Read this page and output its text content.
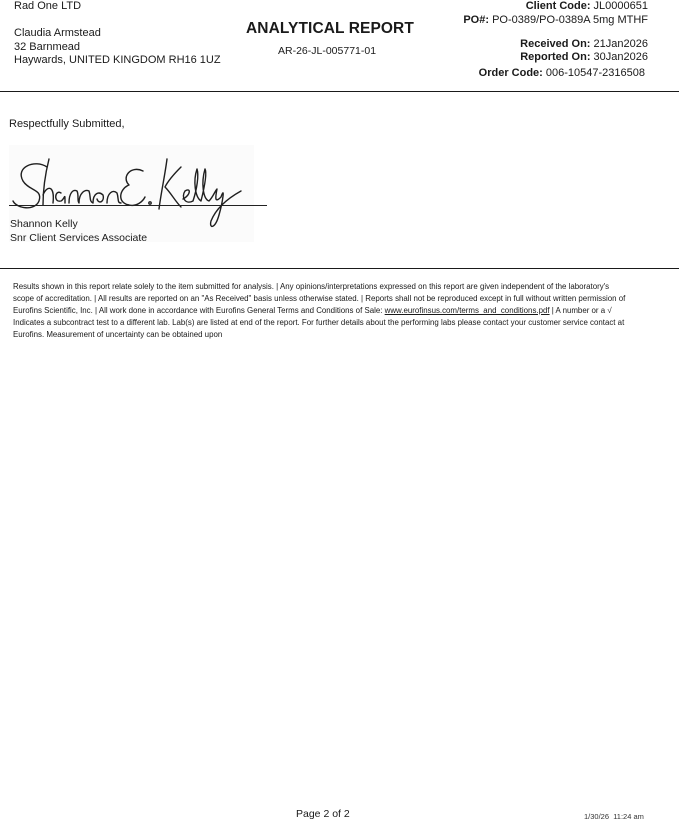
Rad One LTD
Claudia Armstead
32 Barnmead
Haywards, UNITED KINGDOM RH16 1UZ
ANALYTICAL REPORT
AR-26-JL-005771-01
Client Code: JL0000651
PO#: PO-0389/PO-0389A 5mg MTHF
Received On: 21Jan2026
Reported On: 30Jan2026
Order Code: 006-10547-2316508
Respectfully Submitted,
Shannon Kelly
Snr Client Services Associate
Results shown in this report relate solely to the item submitted for analysis. | Any opinions/interpretations expressed on this report are given independent of the laboratory's scope of accreditation. | All results are reported on an "As Received" basis unless otherwise stated. | Reports shall not be reproduced except in full without written permission of Eurofins Scientific, Inc. | All work done in accordance with Eurofins General Terms and Conditions of Sale: www.eurofinsus.com/terms_and_conditions.pdf | A number or a √ Indicates a subcontract test to a different lab. Lab(s) are listed at end of the report. For further details about the performing labs please contact your customer service contact at Eurofins. Measurement of uncertainty can be obtained upon
Page 2 of 2	1/30/26  11:24 am
